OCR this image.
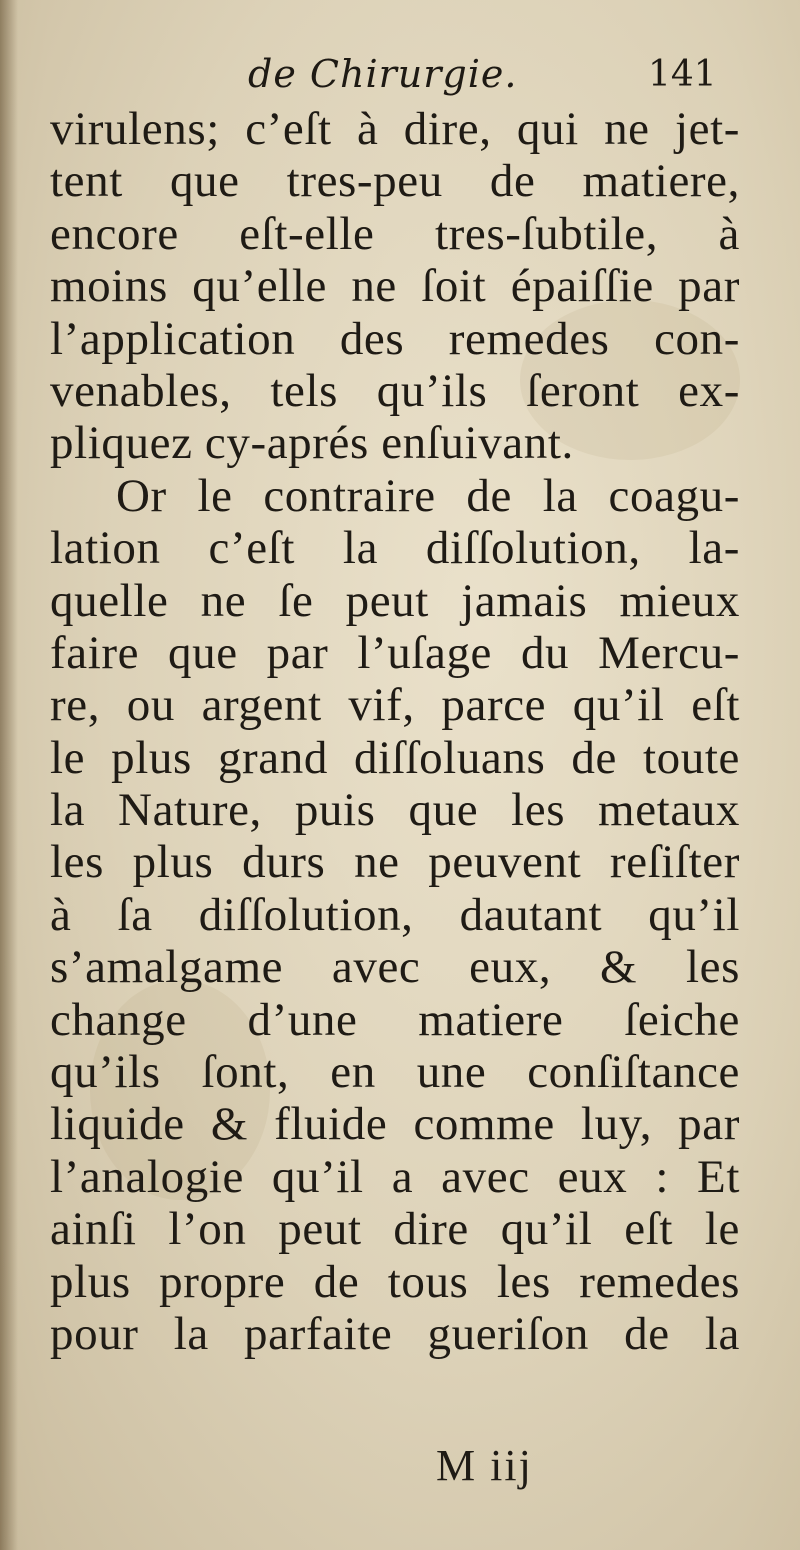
de Chirurgie.	141
virulens; c’eſt à dire, qui ne jet-
tent que tres-peu de matiere,
encore eſt-elle tres-ſubtile, à
moins qu’elle ne ſoit épaiſſie par
l’application des remedes con-
venables, tels qu’ils ſeront ex-
pliquez cy-aprés enſuivant.
Or le contraire de la coagu-
lation c’eſt la diſſolution, la-
quelle ne ſe peut jamais mieux
faire que par l’uſage du Mercu-
re, ou argent vif, parce qu’il eſt
le plus grand diſſoluans de toute
la Nature, puis que les metaux
les plus durs ne peuvent reſiſter
à ſa diſſolution, dautant qu’il
s’amalgame avec eux, & les
change d’une matiere ſeiche
qu’ils ſont, en une conſiſtance
liquide & fluide comme luy, par
l’analogie qu’il a avec eux : Et
ainſi l’on peut dire qu’il eſt le
plus propre de tous les remedes
pour la parfaite gueriſon de la
M iij
